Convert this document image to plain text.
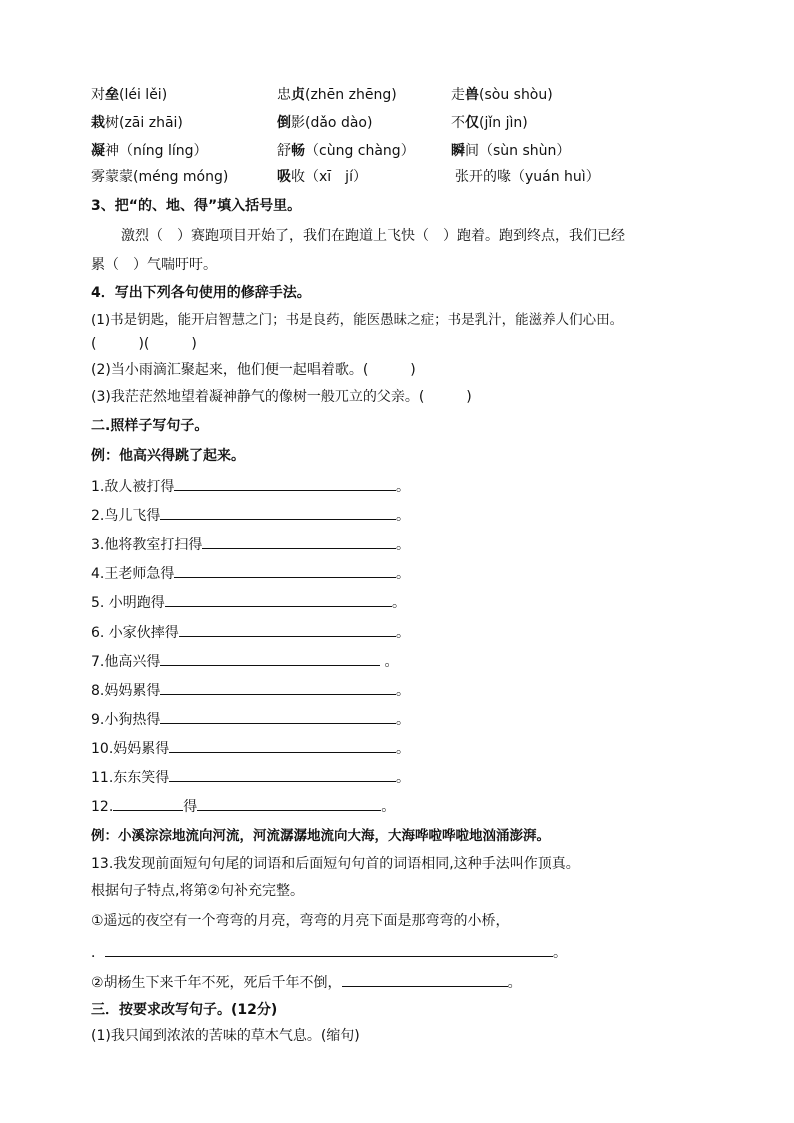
对垒(léi lěi)	忠贞(zhēn zhēng)	走兽(sòu shòu)
栽树(zāi zhāi)	倒影(dǎo dào)	不仅(jǐn jìn)
凝神（níng líng）	舒畅（cùng chàng）	瞬间（sùn shùn）
雾蒙蒙(méng móng)	吸收（xī　jí）	张开的喙（yuán huì）
3、把“的、地、得”填入括号里。
激烈（　）赛跑项目开始了，我们在跑道上飞快（　）跑着。跑到终点，我们已经
累（　）气喘吁吁。
4．写出下列各句使用的修辞手法。
(1)书是钥匙，能开启智慧之门；书是良药，能医愚昧之症；书是乳汁，能滋养人们心田。
(　　　)(　　　)
(2)当小雨滴汇聚起来，他们便一起唱着歌。(　　　)
(3)我茫茫然地望着凝神静气的像树一般兀立的父亲。(　　　)
二.照样子写句子。
例：他高兴得跳了起来。
1.敌人被打得	。
2.鸟儿飞得	。
3.他将教室打扫得	。
4.王老师急得	。
5. 小明跑得	。
6. 小家伙摔得	。
7.他高兴得	。
8.妈妈累得	。
9.小狗热得	。
10.妈妈累得	。
11.东东笑得	。
12.	得	。
例：小溪淙淙地流向河流，河流潺潺地流向大海，大海哗啦哗啦地汹涌澎湃。
13.我发现前面短句句尾的词语和后面短句句首的词语相同,这种手法叫作顶真。
根据句子特点,将第②句补充完整。
①遥远的夜空有一个弯弯的月亮，弯弯的月亮下面是那弯弯的小桥，
．	。
②胡杨生下来千年不死，死后千年不倒，	。
三．按要求改写句子。(12分)
(1)我只闻到浓浓的苦味的草木气息。(缩句)
